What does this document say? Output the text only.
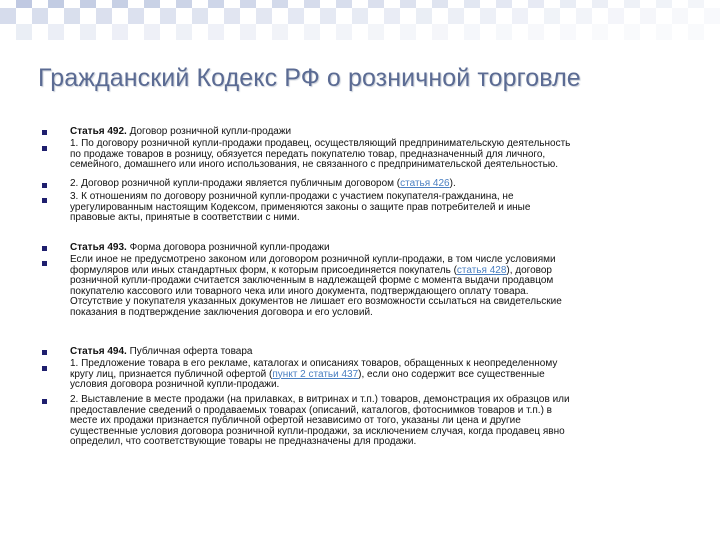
Гражданский Кодекс РФ о розничной торговле
Статья 492. Договор розничной купли-продажи
1. По договору розничной купли-продажи продавец, осуществляющий предпринимательскую деятельность
по продаже товаров в розницу, обязуется передать покупателю товар, предназначенный для личного,
семейного, домашнего или иного использования, не связанного с предпринимательской деятельностью.
2. Договор розничной купли-продажи является публичным договором (статья 426).
3. К отношениям по договору розничной купли-продажи с участием покупателя-гражданина, не
урегулированным настоящим Кодексом, применяются законы о защите прав потребителей и иные
правовые акты, принятые в соответствии с ними.
Статья 493. Форма договора розничной купли-продажи
Если иное не предусмотрено законом или договором розничной купли-продажи, в том числе условиями
формуляров или иных стандартных форм, к которым присоединяется покупатель (статья 428), договор
розничной купли-продажи считается заключенным в надлежащей форме с момента выдачи продавцом
покупателю кассового или товарного чека или иного документа, подтверждающего оплату товара.
Отсутствие у покупателя указанных документов не лишает его возможности ссылаться на свидетельские
показания в подтверждение заключения договора и его условий.
Статья 494. Публичная оферта товара
1. Предложение товара в его рекламе, каталогах и описаниях товаров, обращенных к неопределенному
кругу лиц, признается публичной офертой (пункт 2 статьи 437), если оно содержит все существенные
условия договора розничной купли-продажи.
2. Выставление в месте продажи (на прилавках, в витринах и т.п.) товаров, демонстрация их образцов или
предоставление сведений о продаваемых товарах (описаний, каталогов, фотоснимков товаров и т.п.) в
месте их продажи признается публичной офертой независимо от того, указаны ли цена и другие
существенные условия договора розничной купли-продажи, за исключением случая, когда продавец явно
определил, что соответствующие товары не предназначены для продажи.
